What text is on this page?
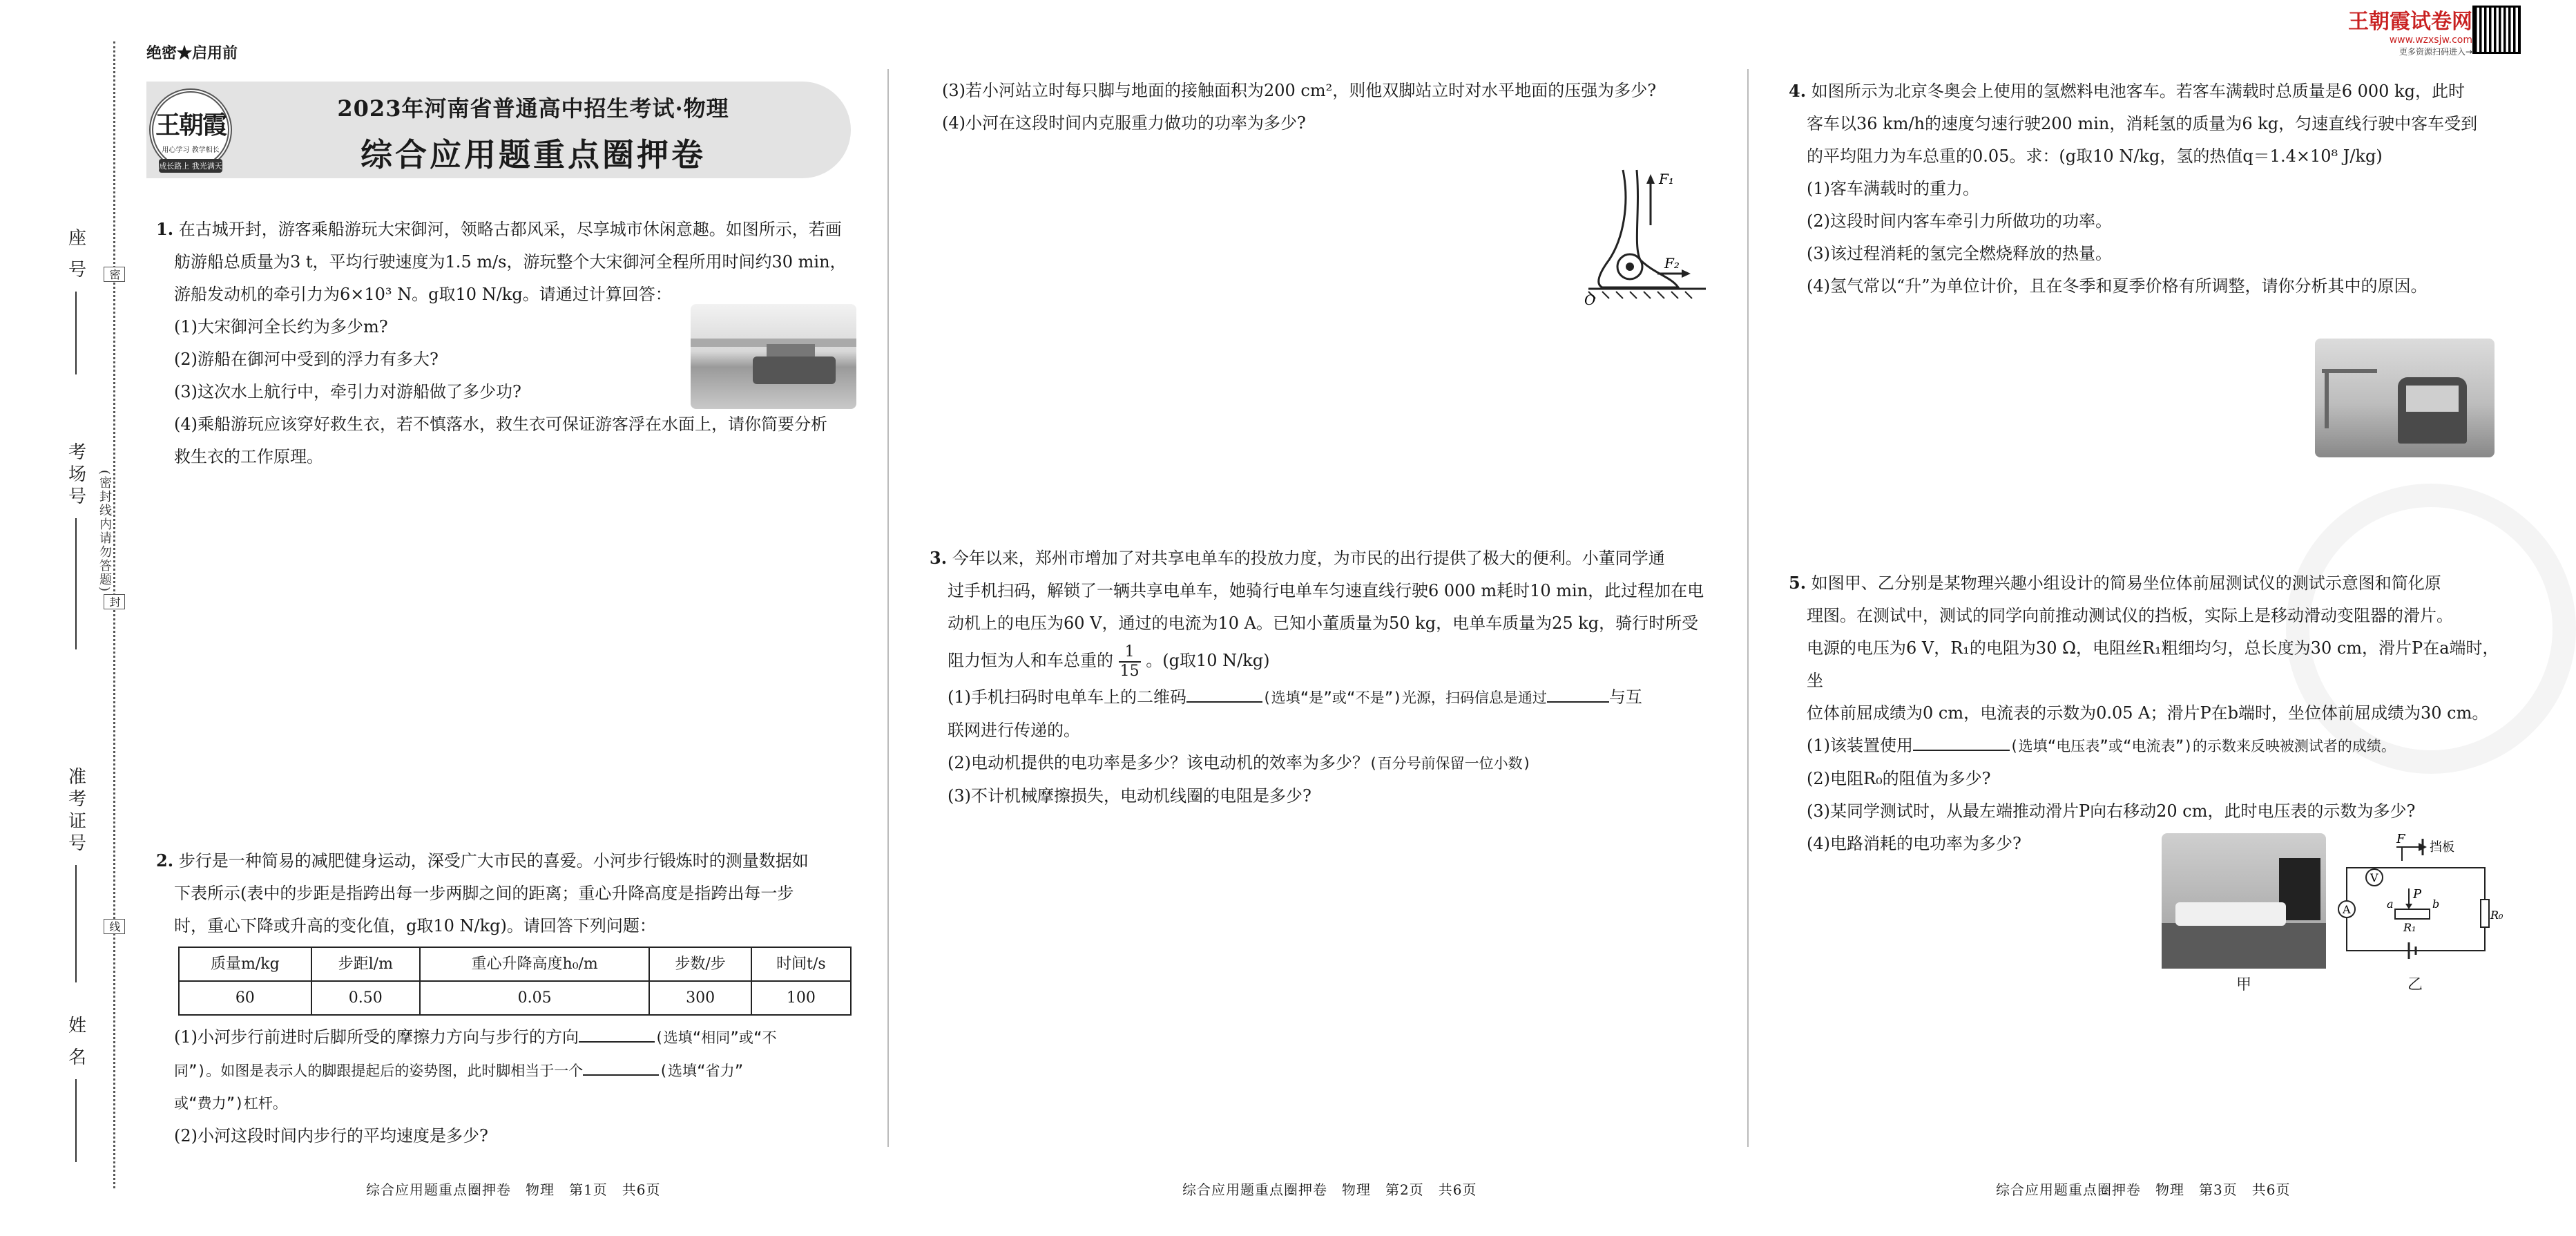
王朝霞试卷网
www.wzxsjw.com
更多资源扫码进入→
座 号
考场号
准考证号
姓 名
密
封
线
(密封线内请勿答题)
绝密★启用前
2023年河南省普通高中招生考试·物理
综合应用题重点圈押卷
王朝霞
用心学习 教学相长
成长路上 我光满天

1. 在古城开封，游客乘船游玩大宋御河，领略古都风采，尽享城市休闲意趣。如图所示，若画

舫游船总质量为3 t，平均行驶速度为1.5 m/s，游玩整个大宋御河全程所用时间约30 min，

游船发动机的牵引力为6×10³ N。g取10 N/kg。请通过计算回答：

(1)大宋御河全长约为多少m?

(2)游船在御河中受到的浮力有多大?

(3)这次水上航行中，牵引力对游船做了多少功?

(4)乘船游玩应该穿好救生衣，若不慎落水，救生衣可保证游客浮在水面上，请你简要分析

救生衣的工作原理。

2. 步行是一种简易的减肥健身运动，深受广大市民的喜爱。小河步行锻炼时的测量数据如

下表所示(表中的步距是指跨出每一步两脚之间的距离；重心升降高度是指跨出每一步

时，重心下降或升高的变化值，g取10 N/kg)。请回答下列问题：

质量m/kg	步距l/m	重心升降高度h₀/m	步数/步	时间t/s
60	0.50	0.05	300	100

(1)小河步行前进时后脚所受的摩擦力方向与步行的方向	(选填“相同”或“不

同”)。如图是表示人的脚跟提起后的姿势图，此时脚相当于一个	(选填“省力”

或“费力”)杠杆。

(2)小河这段时间内步行的平均速度是多少?

(3)若小河站立时每只脚与地面的接触面积为200 cm²，则他双脚站立时对水平地面的压强为多少?

(4)小河在这段时间内克服重力做功的功率为多少?

F₁
F₂
O

3. 今年以来，郑州市增加了对共享电单车的投放力度，为市民的出行提供了极大的便利。小董同学通

过手机扫码，解锁了一辆共享电单车，她骑行电单车匀速直线行驶6 000 m耗时10 min，此过程加在电

动机上的电压为60 V，通过的电流为10 A。已知小董质量为50 kg，电单车质量为25 kg，骑行时所受

阻力恒为人和车总重的 $\frac{1}{15}$ 。(g取10 N/kg)

(1)手机扫码时电单车上的二维码	(选填“是”或“不是”)光源，扫码信息是通过	与互

联网进行传递的。

(2)电动机提供的电功率是多少？该电动机的效率为多少？(百分号前保留一位小数)

(3)不计机械摩擦损失，电动机线圈的电阻是多少?

4. 如图所示为北京冬奥会上使用的氢燃料电池客车。若客车满载时总质量是6 000 kg，此时

客车以36 km/h的速度匀速行驶200 min，消耗氢的质量为6 kg，匀速直线行驶中客车受到

的平均阻力为车总重的0.05。求：(g取10 N/kg，氢的热值q＝1.4×10⁸ J/kg)

(1)客车满载时的重力。

(2)这段时间内客车牵引力所做功的功率。

(3)该过程消耗的氢完全燃烧释放的热量。

(4)氢气常以“升”为单位计价，且在冬季和夏季价格有所调整，请你分析其中的原因。

5. 如图甲、乙分别是某物理兴趣小组设计的简易坐位体前屈测试仪的测试示意图和简化原

理图。在测试中，测试的同学向前推动测试仪的挡板，实际上是移动滑动变阻器的滑片。

电源的电压为6 V，R₁的电阻为30 Ω，电阻丝R₁粗细均匀，总长度为30 cm，滑片P在a端时，坐

位体前屈成绩为0 cm，电流表的示数为0.05 A；滑片P在b端时，坐位体前屈成绩为30 cm。

(1)该装置使用	(选填“电压表”或“电流表”)的示数来反映被测试者的成绩。

(2)电阻R₀的阻值为多少?

(3)某同学测试时，从最左端推动滑片P向右移动20 cm，此时电压表的示数为多少?

(4)电路消耗的电功率为多少?

甲
F
挡板
V
P
a	b
R₁
A	R₀
乙
综合应用题重点圈押卷　物理　第1页　共6页	综合应用题重点圈押卷　物理　第2页　共6页	综合应用题重点圈押卷　物理　第3页　共6页
